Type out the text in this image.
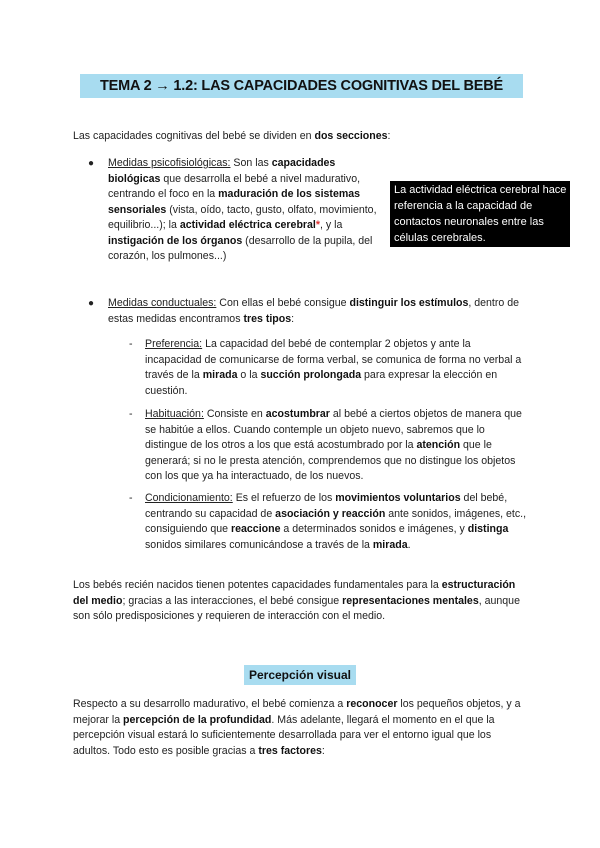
TEMA 2 → 1.2: LAS CAPACIDADES COGNITIVAS DEL BEBÉ

Las capacidades cognitivas del bebé se dividen en dos secciones:

● Medidas psicofisiológicas: Son las capacidades biológicas que desarrolla el bebé a nivel madurativo, centrando el foco en la maduración de los sistemas sensoriales (vista, oído, tacto, gusto, olfato, movimiento, equilibrio...); la actividad eléctrica cerebral*, y la instigación de los órganos (desarrollo de la pupila, del corazón, los pulmones...)

La actividad eléctrica cerebral hace referencia a la capacidad de contactos neuronales entre las células cerebrales.
● Medidas conductuales: Con ellas el bebé consigue distinguir los estímulos, dentro de estas medidas encontramos tres tipos:

- Preferencia: La capacidad del bebé de contemplar 2 objetos y ante la incapacidad de comunicarse de forma verbal, se comunica de forma no verbal a través de la mirada o la succión prolongada para expresar la elección en cuestión.

- Habituación: Consiste en acostumbrar al bebé a ciertos objetos de manera que se habitúe a ellos. Cuando contemple un objeto nuevo, sabremos que lo distingue de los otros a los que está acostumbrado por la atención que le generará; si no le presta atención, comprendemos que no distingue los objetos con los que ya ha interactuado, de los nuevos.

- Condicionamiento: Es el refuerzo de los movimientos voluntarios del bebé, centrando su capacidad de asociación y reacción ante sonidos, imágenes, etc., consiguiendo que reaccione a determinados sonidos e imágenes, y distinga sonidos similares comunicándose a través de la mirada.

Los bebés recién nacidos tienen potentes capacidades fundamentales para la estructuración del medio; gracias a las interacciones, el bebé consigue representaciones mentales, aunque son sólo predisposiciones y requieren de interacción con el medio.

Percepción visual

Respecto a su desarrollo madurativo, el bebé comienza a reconocer los pequeños objetos, y a mejorar la percepción de la profundidad. Más adelante, llegará el momento en el que la percepción visual estará lo suficientemente desarrollada para ver el entorno igual que los adultos. Todo esto es posible gracias a tres factores:
